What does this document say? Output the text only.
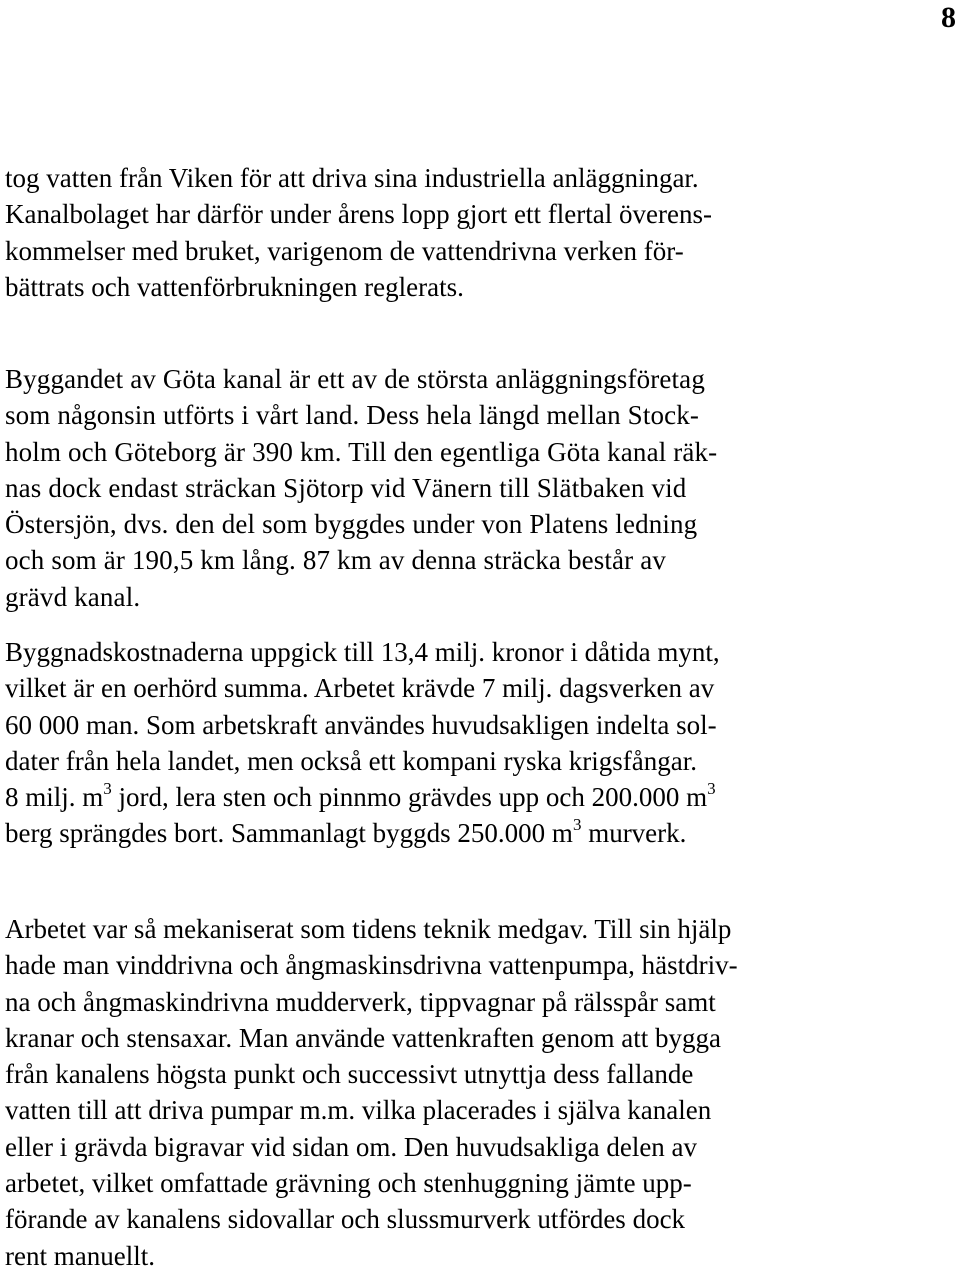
8
tog vatten från Viken för att driva sina industriella anläggningar.
Kanalbolaget har därför under årens lopp gjort ett flertal överens-
kommelser med bruket, varigenom de vattendrivna verken för-
bättrats och vattenförbrukningen reglerats.
Byggandet av Göta kanal är ett av de största anläggningsföretag
som någonsin utförts i vårt land. Dess hela längd mellan Stock-
holm och Göteborg är 390 km. Till den egentliga Göta kanal räk-
nas dock endast sträckan Sjötorp vid Vänern till Slätbaken vid
Östersjön, dvs. den del som byggdes under von Platens ledning
och som är 190,5 km lång. 87 km av denna sträcka består av
grävd kanal.
Byggnadskostnaderna uppgick till 13,4 milj. kronor i dåtida mynt,
vilket är en oerhörd summa. Arbetet krävde 7 milj. dagsverken av
60 000 man. Som arbetskraft användes huvudsakligen indelta sol-
dater från hela landet, men också ett kompani ryska krigsfångar.
8 milj. $m^3$ jord, lera sten och pinnmo grävdes upp och 200.000 $m^3$
berg sprängdes bort. Sammanlagt byggds 250.000 $m^3$ murverk.
Arbetet var så mekaniserat som tidens teknik medgav. Till sin hjälp
hade man vinddrivna och ångmaskinsdrivna vattenpumpa, hästdriv-
na och ångmaskindrivna mudderverk, tippvagnar på rälsspår samt
kranar och stensaxar. Man använde vattenkraften genom att bygga
från kanalens högsta punkt och successivt utnyttja dess fallande
vatten till att driva pumpar m.m. vilka placerades i själva kanalen
eller i grävda bigravar vid sidan om. Den huvudsakliga delen av
arbetet, vilket omfattade grävning och stenhuggning jämte upp-
förande av kanalens sidovallar och slussmurverk utfördes dock
rent manuellt.
